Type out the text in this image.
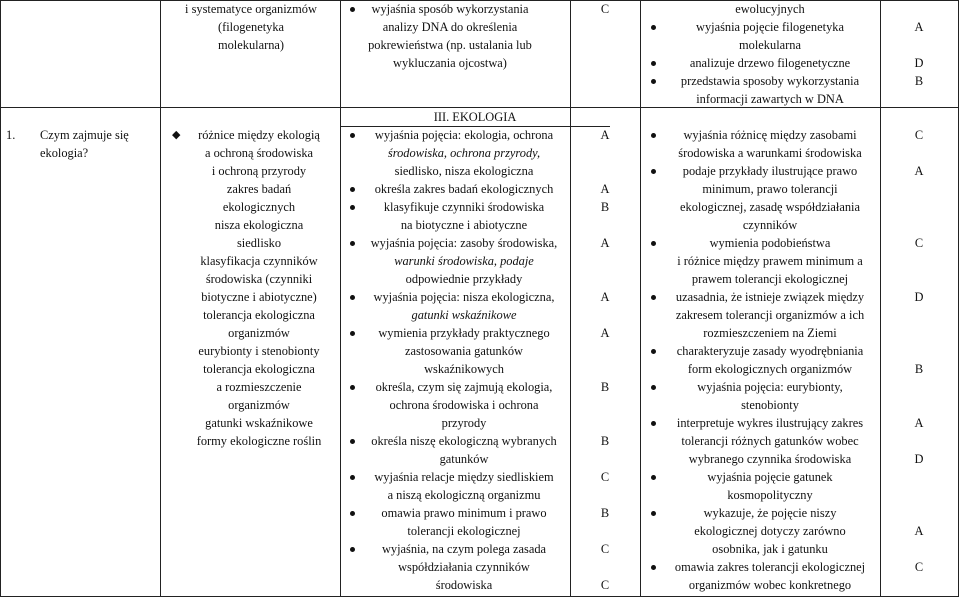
1. Czym zajmuje się
ekologia?
i systematyce organizmów
(filogenetyka
molekularna)
◆	różnice między ekologią
a ochroną środowiska
i ochroną przyrody
zakres badań
ekologicznych
nisza ekologiczna
siedlisko
klasyfikacja czynników
środowiska (czynniki
biotyczne i abiotyczne)
tolerancja ekologiczna
organizmów
eurybionty i stenobionty
tolerancja ekologiczna
a rozmieszczenie
organizmów
gatunki wskaźnikowe
formy ekologiczne roślin
wyjaśnia sposób wykorzystania
analizy DNA do określenia
pokrewieństwa (np. ustalania lub
wykluczania ojcostwa)
III. EKOLOGIA
wyjaśnia pojęcia: ekologia, ochrona
środowiska, ochrona przyrody,
siedlisko, nisza ekologiczna
określa zakres badań ekologicznych
klasyfikuje czynniki środowiska
na biotyczne i abiotyczne
wyjaśnia pojęcia: zasoby środowiska,
warunki środowiska, podaje
odpowiednie przykłady
wyjaśnia pojęcia: nisza ekologiczna,
gatunki wskaźnikowe
wymienia przykłady praktycznego
zastosowania gatunków
wskaźnikowych
określa, czym się zajmują ekologia,
ochrona środowiska i ochrona
przyrody
określa niszę ekologiczną wybranych
gatunków
wyjaśnia relacje między siedliskiem
a niszą ekologiczną organizmu
omawia prawo minimum i prawo
tolerancji ekologicznej
wyjaśnia, na czym polega zasada
współdziałania czynników
środowiska
C
A
A
B
A
A
A
B
B
C
B
C
C
ewolucyjnych
wyjaśnia pojęcie filogenetyka
molekularna
analizuje drzewo filogenetyczne
przedstawia sposoby wykorzystania
informacji zawartych w DNA
wyjaśnia różnicę między zasobami
środowiska a warunkami środowiska
podaje przykłady ilustrujące prawo
minimum, prawo tolerancji
ekologicznej, zasadę współdziałania
czynników
wymienia podobieństwa
i różnice między prawem minimum a
prawem tolerancji ekologicznej
uzasadnia, że istnieje związek między
zakresem tolerancji organizmów a ich
rozmieszczeniem na Ziemi
charakteryzuje zasady wyodrębniania
form ekologicznych organizmów
wyjaśnia pojęcia: eurybionty,
stenobionty
interpretuje wykres ilustrujący zakres
tolerancji różnych gatunków wobec
wybranego czynnika środowiska
wyjaśnia pojęcie gatunek
kosmopolityczny
wykazuje, że pojęcie niszy
ekologicznej dotyczy zarówno
osobnika, jak i gatunku
omawia zakres tolerancji ekologicznej
organizmów wobec konkretnego
A
D
B
C
A
C
D
B
A
D
A
C
